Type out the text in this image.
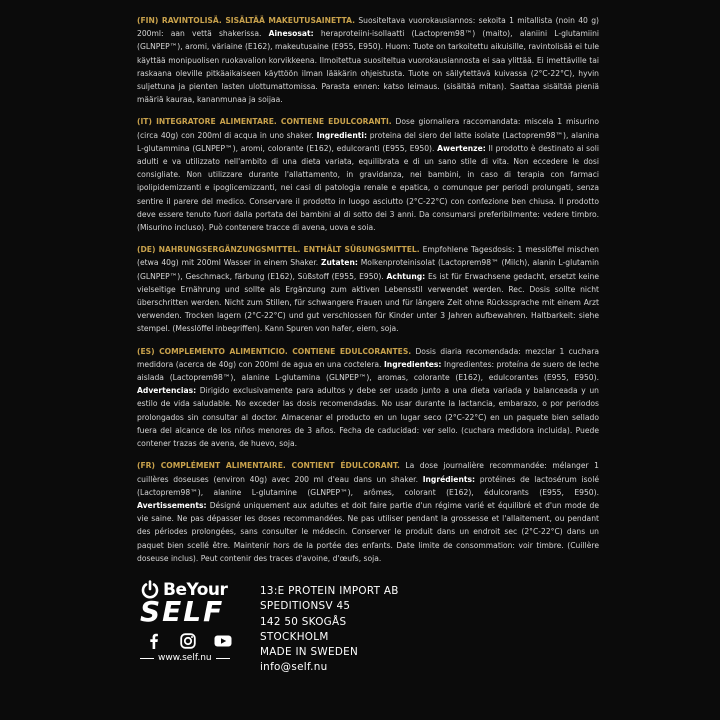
(FIN) RAVINTOLISÄ. SISÄLTÄÄ MAKEUTUSAINETTA. Suositeltava vuorokausiannos: sekoita 1 mitallista (noin 40 g) 200ml: aan vettä shakerissa. Ainesosat: heraproteiini-isollaatti (Lactoprem98™) (maito), alaniini L-glutamiini (GLNPEP™), aromi, väriaine (E162), makeutusaine (E955, E950). Huom: Tuote on tarkoitettu aikuisille, ravintolisää ei tule käyttää monipuolisen ruokavalion korvikkeena. Ilmoitettua suositeltua vuorokausiannosta ei saa ylittää. Ei imettäville tai raskaana oleville pitkäaikaiseen käyttöön ilman lääkärin ohjeistusta. Tuote on säilytettävä kuivassa (2°C-22°C), hyvin suljettuna ja pienten lasten ulottumattomissa. Parasta ennen: katso leimaus. (sisältää mitan). Saattaa sisältää pieniä määriä kauraa, kananmunaa ja soijaa.

(IT) INTEGRATORE ALIMENTARE. CONTIENE EDULCORANTI. Dose giornaliera raccomandata: miscela 1 misurino (circa 40g) con 200ml di acqua in uno shaker. Ingredienti: proteina del siero del latte isolate (Lactoprem98™), alanina L-glutammina (GLNPEP™), aromi, colorante (E162), edulcoranti (E955, E950). Awertenze: Il prodotto è destinato ai soli adulti e va utilizzato nell'ambito di una dieta variata, equilibrata e di un sano stile di vita. Non eccedere le dosi consigliate. Non utilizzare durante l'allattamento, in gravidanza, nei bambini, in caso di terapia con farmaci ipolipidemizzanti e ipoglicemizzanti, nei casi di patologia renale e epatica, o comunque per periodi prolungati, senza sentire il parere del medico. Conservare il prodotto in luogo asciutto (2°C-22°C) con confezione ben chiusa. Il prodotto deve essere tenuto fuori dalla portata dei bambini al di sotto dei 3 anni. Da consumarsi preferibilmente: vedere timbro. (Misurino incluso). Può contenere tracce di avena, uova e soia.

(DE) NAHRUNGSERGÄNZUNGSMITTEL. ENTHÄLT SÜßUNGSMITTEL. Empfohlene Tagesdosis: 1 messlöffel mischen (etwa 40g) mit 200ml Wasser in einem Shaker. Zutaten: Molkenproteinisolat (Lactoprem98™ (Milch), alanin L-glutamin (GLNPEP™), Geschmack, färbung (E162), Süßstoff (E955, E950). Achtung: Es ist für Erwachsene gedacht, ersetzt keine vielseitige Ernährung und sollte als Ergänzung zum aktiven Lebensstil verwendet werden. Rec. Dosis sollte nicht überschritten werden. Nicht zum Stillen, für schwangere Frauen und für längere Zeit ohne Rückssprache mit einem Arzt verwenden. Trocken lagern (2°C-22°C) und gut verschlossen für Kinder unter 3 Jahren aufbewahren. Haltbarkeit: siehe stempel. (Messlöffel inbegriffen). Kann Spuren von hafer, eiern, soja.

(ES) COMPLEMENTO ALIMENTICIO. CONTIENE EDULCORANTES. Dosis diaria recomendada: mezclar 1 cuchara medidora (acerca de 40g) con 200ml de agua en una coctelera. Ingredientes: Ingredientes: proteína de suero de leche aislada (Lactoprem98™), alanine L-glutamina (GLNPEP™), aromas, colorante (E162), edulcorantes (E955, E950). Advertencias: Dirigido exclusivamente para adultos y debe ser usado junto a una dieta variada y balanceada y un estilo de vida saludable. No exceder las dosis recomendadas. No usar durante la lactancia, embarazo, o por periodos prolongados sin consultar al doctor. Almacenar el producto en un lugar seco (2°C-22°C) en un paquete bien sellado fuera del alcance de los niños menores de 3 años. Fecha de caducidad: ver sello. (cuchara medidora incluida). Puede contener trazas de avena, de huevo, soja.

(FR) COMPLÉMENT ALIMENTAIRE. CONTIENT ÉDULCORANT. La dose journalière recommandée: mélanger 1 cuillères doseuses (environ 40g) avec 200 ml d'eau dans un shaker. Ingrédients: protéines de lactosérum isolé (Lactoprem98™), alanine L-glutamine (GLNPEP™), arômes, colorant (E162), édulcorants (E955, E950). Avertissements: Désigné uniquement aux adultes et doit faire partie d'un régime varié et équilibré et d'un mode de vie saine. Ne pas dépasser les doses recommandées. Ne pas utiliser pendant la grossesse et l'allaitement, ou pendant des périodes prolongées, sans consulter le médecin. Conserver le produit dans un endroit sec (2°C-22°C) dans un paquet bien scellé être. Maintenir hors de la portée des enfants. Date limite de consommation: voir timbre. (Cuillère doseuse inclus). Peut contenir des traces d'avoine, d'œufs, soja.

BeYour
SELF
www.self.nu
13:E PROTEIN IMPORT AB
SPEDITIONSV 45
142 50 SKOGÅS
STOCKHOLM
MADE IN SWEDEN
info@self.nu
